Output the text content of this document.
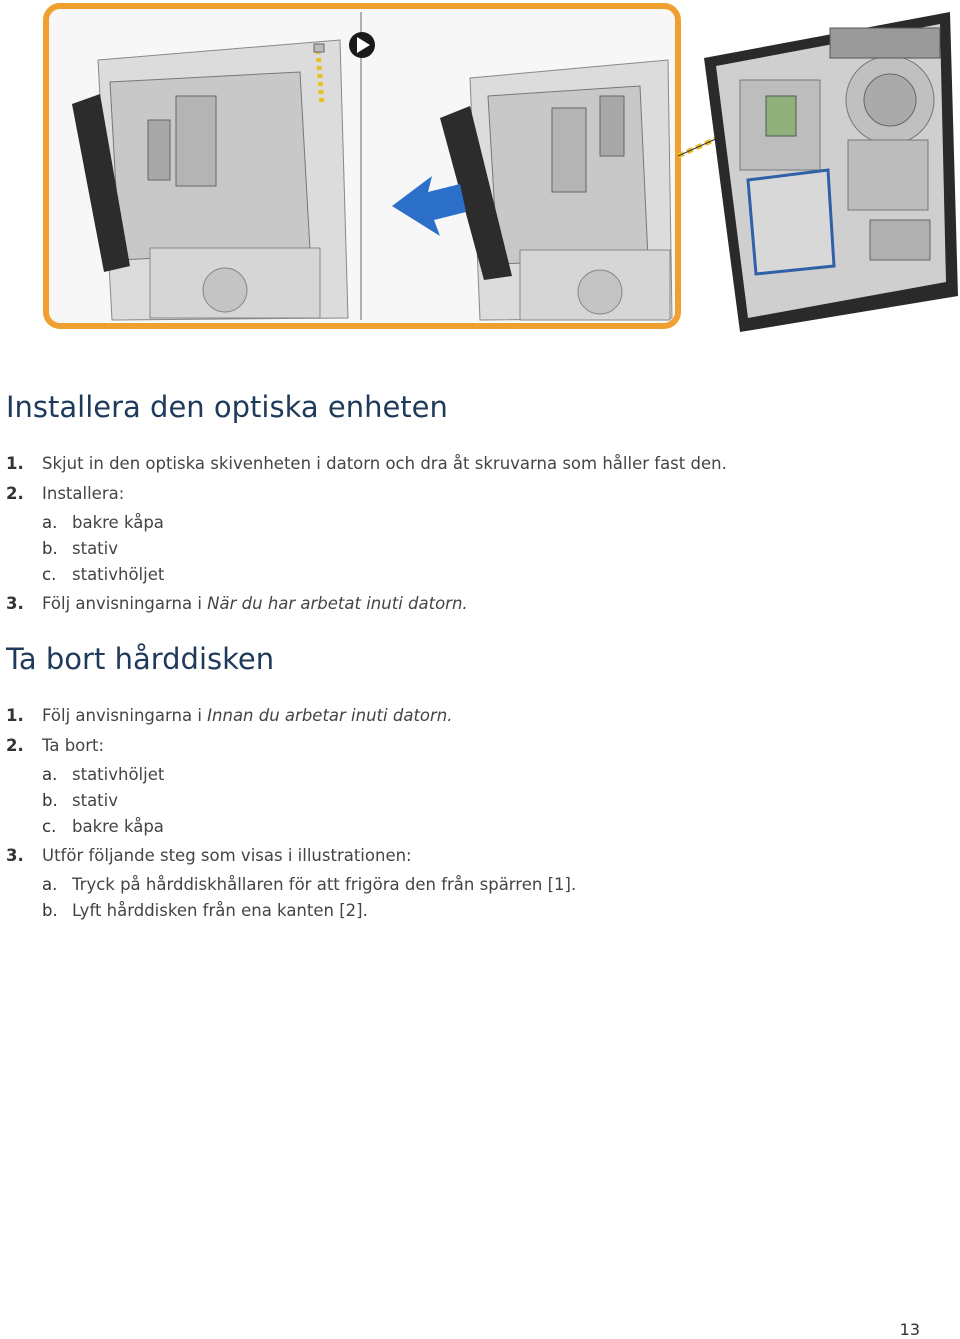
Installera den optiska enheten
1. Skjut in den optiska skivenheten i datorn och dra åt skruvarna som håller fast den.
2. Installera:
a. bakre kåpa
b. stativ
c. stativhöljet
3. Följ anvisningarna i När du har arbetat inuti datorn.
Ta bort hårddisken
1. Följ anvisningarna i Innan du arbetar inuti datorn.
2. Ta bort:
a. stativhöljet
b. stativ
c. bakre kåpa
3. Utför följande steg som visas i illustrationen:
a. Tryck på hårddiskhållaren för att frigöra den från spärren [1].
b. Lyft hårddisken från ena kanten [2].
13
